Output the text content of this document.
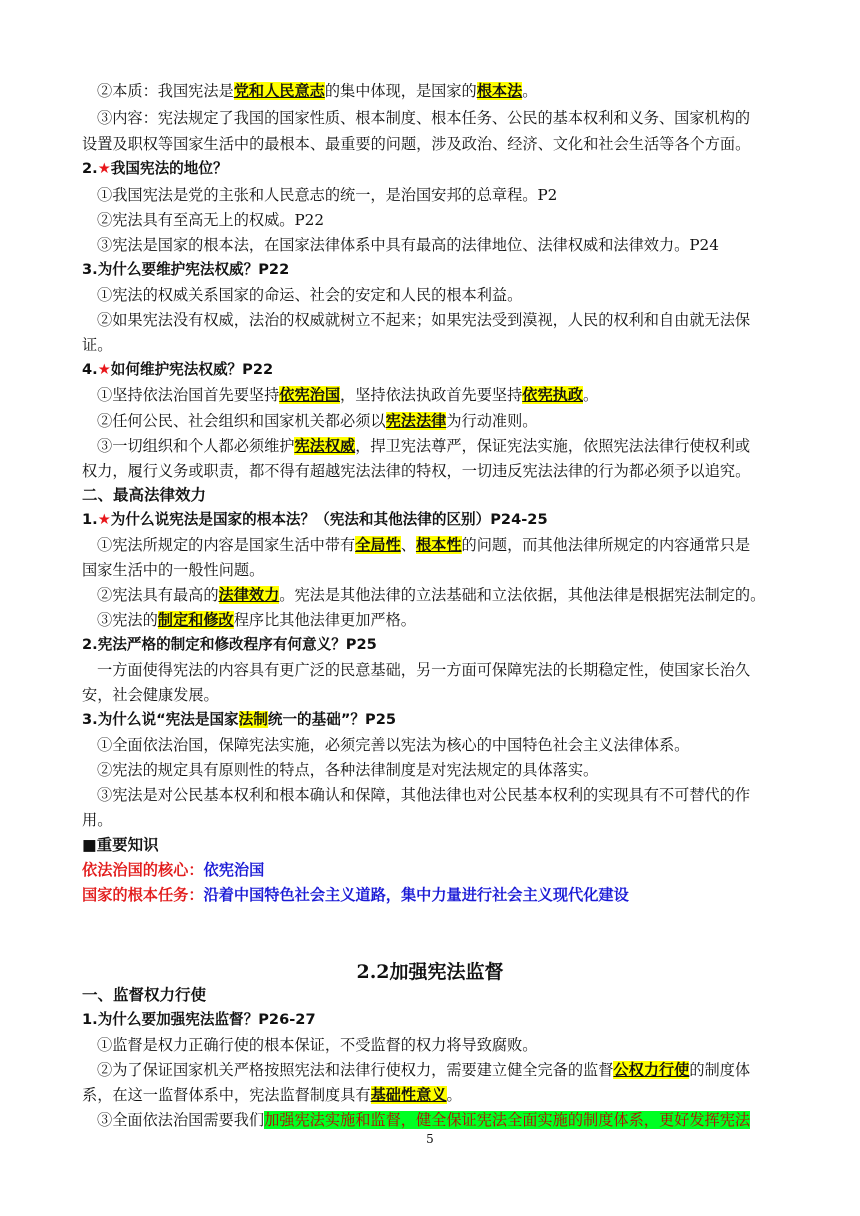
②本质：我国宪法是党和人民意志的集中体现，是国家的根本法。
③内容：宪法规定了我国的国家性质、根本制度、根本任务、公民的基本权利和义务、国家机构的
设置及职权等国家生活中的最根本、最重要的问题，涉及政治、经济、文化和社会生活等各个方面。
2.★我国宪法的地位？
①我国宪法是党的主张和人民意志的统一，是治国安邦的总章程。P2
②宪法具有至高无上的权威。P22
③宪法是国家的根本法，在国家法律体系中具有最高的法律地位、法律权威和法律效力。P24
3.为什么要维护宪法权威？P22
①宪法的权威关系国家的命运、社会的安定和人民的根本利益。
②如果宪法没有权威，法治的权威就树立不起来；如果宪法受到漠视，人民的权利和自由就无法保
证。
4.★如何维护宪法权威？P22
①坚持依法治国首先要坚持依宪治国，坚持依法执政首先要坚持依宪执政。
②任何公民、社会组织和国家机关都必须以宪法法律为行动准则。
③一切组织和个人都必须维护宪法权威，捍卫宪法尊严，保证宪法实施，依照宪法法律行使权利或
权力，履行义务或职责，都不得有超越宪法法律的特权，一切违反宪法法律的行为都必须予以追究。
二、最高法律效力
1.★为什么说宪法是国家的根本法？（宪法和其他法律的区别）P24-25
①宪法所规定的内容是国家生活中带有全局性、根本性的问题，而其他法律所规定的内容通常只是
国家生活中的一般性问题。
②宪法具有最高的法律效力。宪法是其他法律的立法基础和立法依据，其他法律是根据宪法制定的。
③宪法的制定和修改程序比其他法律更加严格。
2.宪法严格的制定和修改程序有何意义？P25
一方面使得宪法的内容具有更广泛的民意基础，另一方面可保障宪法的长期稳定性，使国家长治久
安，社会健康发展。
3.为什么说“宪法是国家法制统一的基础”？P25
①全面依法治国，保障宪法实施，必须完善以宪法为核心的中国特色社会主义法律体系。
②宪法的规定具有原则性的特点，各种法律制度是对宪法规定的具体落实。
③宪法是对公民基本权利和根本确认和保障，其他法律也对公民基本权利的实现具有不可替代的作
用。
■重要知识
依法治国的核心：依宪治国
国家的根本任务：沿着中国特色社会主义道路，集中力量进行社会主义现代化建设
2.2加强宪法监督
一、监督权力行使
1.为什么要加强宪法监督？P26-27
①监督是权力正确行使的根本保证，不受监督的权力将导致腐败。
②为了保证国家机关严格按照宪法和法律行使权力，需要建立健全完备的监督公权力行使的制度体
系，在这一监督体系中，宪法监督制度具有基础性意义。
③全面依法治国需要我们加强宪法实施和监督，健全保证宪法全面实施的制度体系，更好发挥宪法
5
